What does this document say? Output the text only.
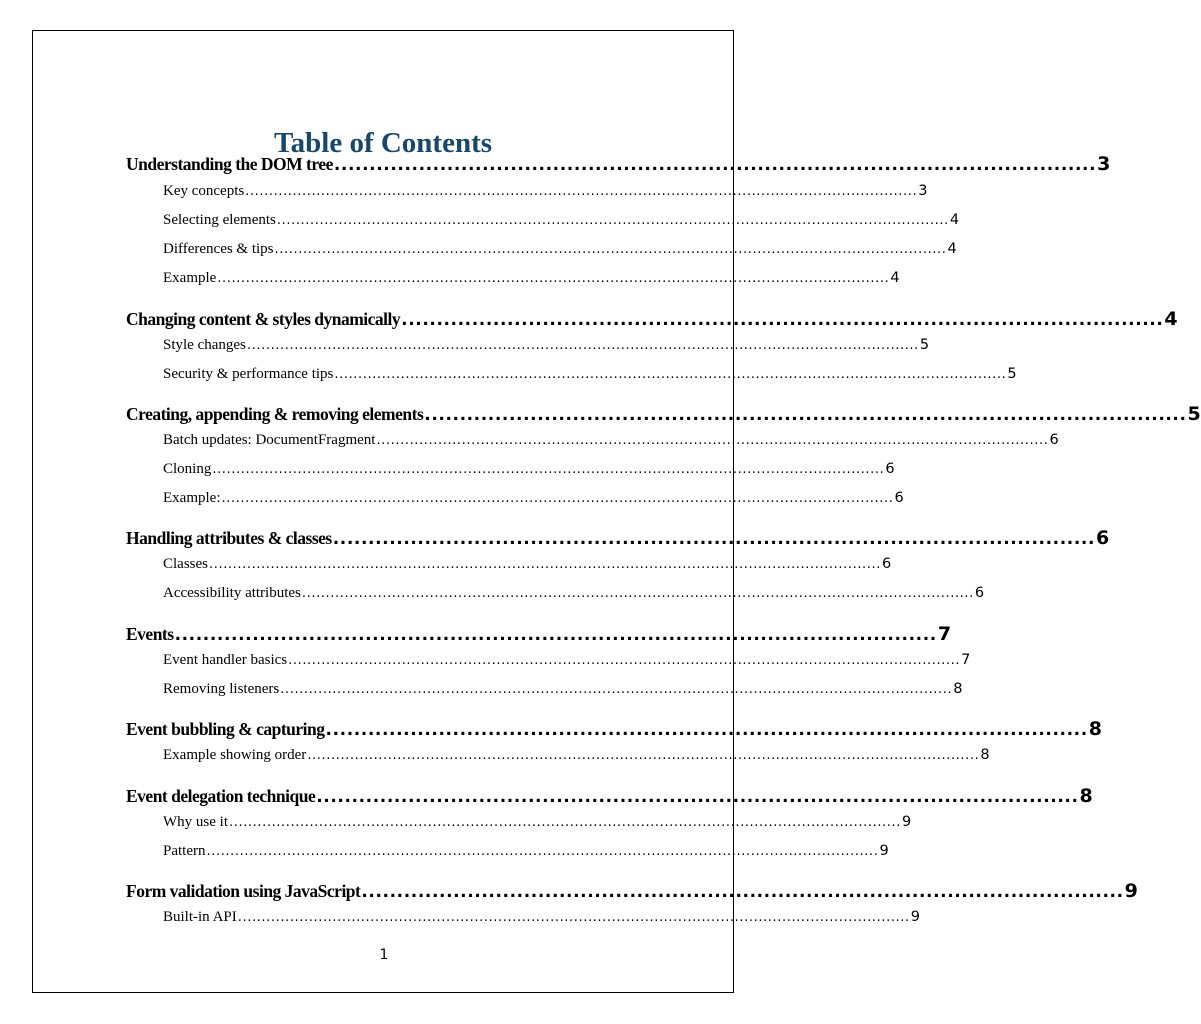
Table of Contents
Understanding the DOM tree ............................................................................................................ 3
Key concepts .............................................................................................................................................. 3
Selecting elements .............................................................................................................................................. 4
Differences & tips .............................................................................................................................................. 4
Example .............................................................................................................................................. 4
Changing content & styles dynamically ............................................................................................................ 4
Style changes .............................................................................................................................................. 5
Security & performance tips .............................................................................................................................................. 5
Creating, appending & removing elements ............................................................................................................ 5
Batch updates: DocumentFragment .............................................................................................................................................. 6
Cloning .............................................................................................................................................. 6
Example: .............................................................................................................................................. 6
Handling attributes & classes ............................................................................................................ 6
Classes .............................................................................................................................................. 6
Accessibility attributes .............................................................................................................................................. 6
Events ............................................................................................................ 7
Event handler basics .............................................................................................................................................. 7
Removing listeners .............................................................................................................................................. 8
Event bubbling & capturing ............................................................................................................ 8
Example showing order .............................................................................................................................................. 8
Event delegation technique ............................................................................................................ 8
Why use it .............................................................................................................................................. 9
Pattern .............................................................................................................................................. 9
Form validation using JavaScript ............................................................................................................ 9
Built-in API .............................................................................................................................................. 9
1
